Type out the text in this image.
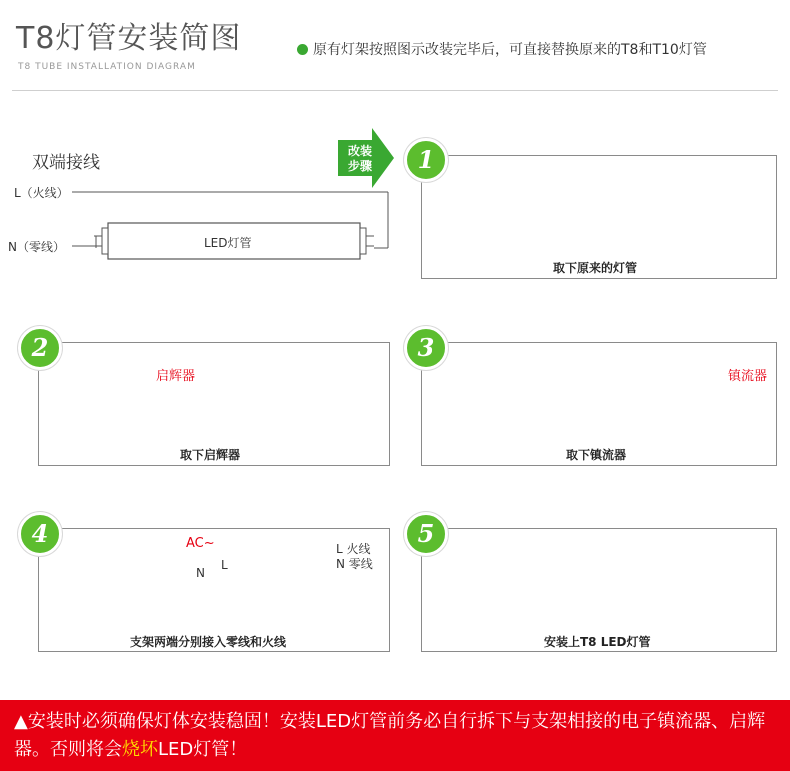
T8灯管安装简图
T8 TUBE INSTALLATION DIAGRAM
原有灯架按照图示改装完毕后，可直接替换原来的T8和T10灯管
双端接线
L（火线）
N（零线）	LED灯管
改装
步骤	1
取下原来的灯管
2
启辉器
取下启辉器
3
镇流器
取下镇流器
4	AC~
N
L
L 火线
N 零线
支架两端分别接入零线和火线
5
安装上T8 LED灯管
▲安装时必须确保灯体安装稳固！安装LED灯管前务必自行拆下与支架相接的电子镇流器、启辉器。否则将会烧坏LED灯管！
